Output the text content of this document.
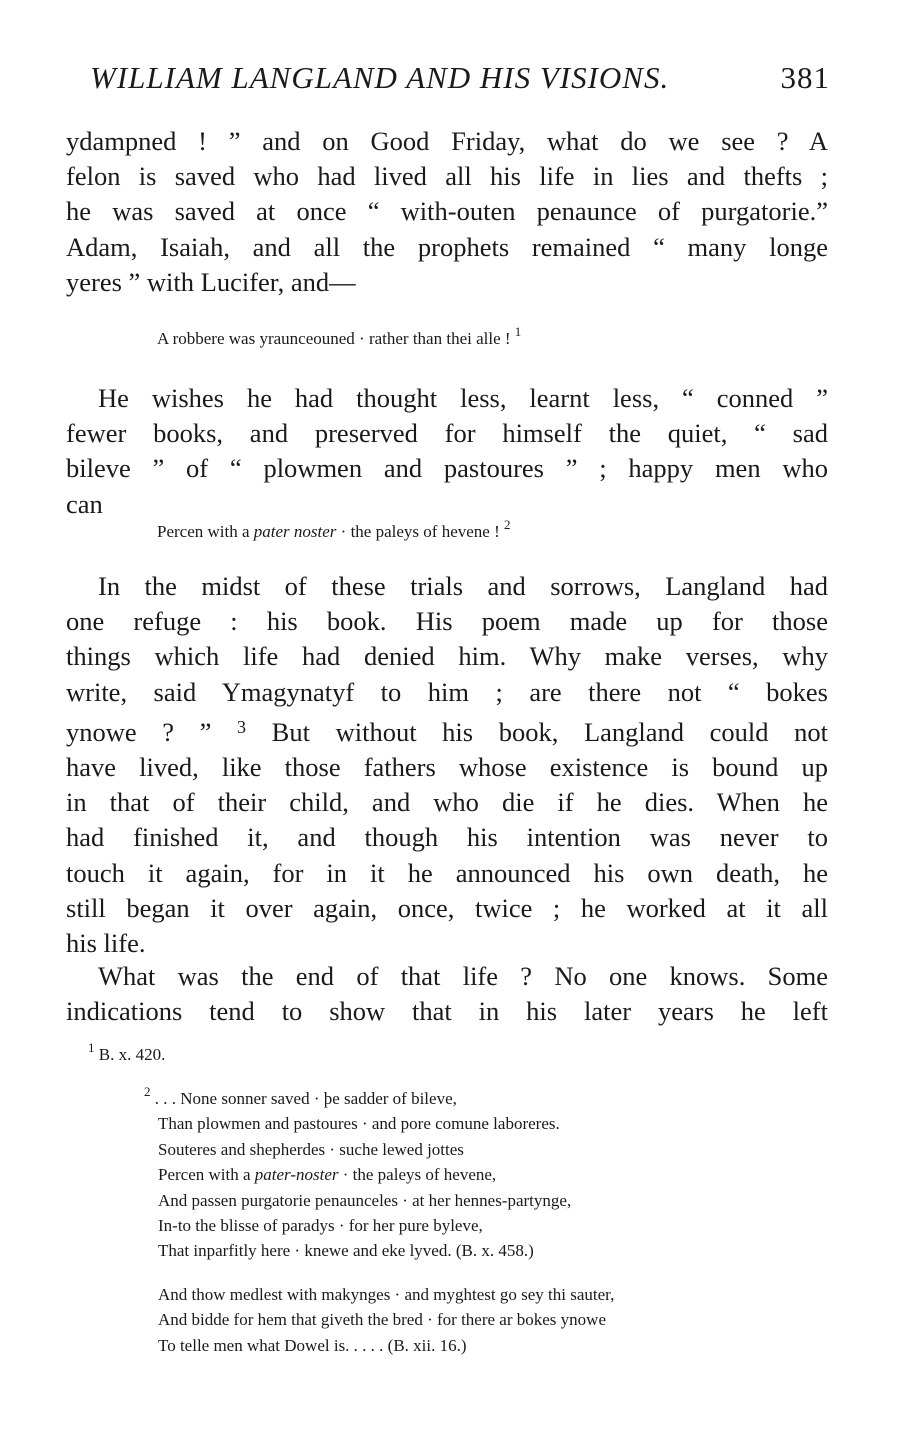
WILLIAM LANGLAND AND HIS VISIONS.	381
ydampned ! ” and on Good Friday, what do we see ? A
felon is saved who had lived all his life in lies and thefts ;
he was saved at once “ with-outen penaunce of purgatorie.”
Adam, Isaiah, and all the prophets remained “ many longe
yeres ” with Lucifer, and—
A robbere was yraunceouned · rather than thei alle ! $^1$
He wishes he had thought less, learnt less, “ conned ”
fewer books, and preserved for himself the quiet, “ sad
bileve ” of “ plowmen and pastoures ” ; happy men who
can
Percen with a pater noster · the paleys of hevene ! $^2$
In the midst of these trials and sorrows, Langland had
one refuge : his book. His poem made up for those
things which life had denied him. Why make verses, why
write, said Ymagynatyf to him ; are there not “ bokes
ynowe ? ” $^3$ But without his book, Langland could not
have lived, like those fathers whose existence is bound up
in that of their child, and who die if he dies. When he
had finished it, and though his intention was never to
touch it again, for in it he announced his own death, he
still began it over again, once, twice ; he worked at it all
his life.
What was the end of that life ? No one knows. Some
indications tend to show that in his later years he left
$^1$ B. x. 420.
$^2$ . . . None sonner saved · þe sadder of bileve,
Than plowmen and pastoures · and pore comune laboreres.
Souteres and shepherdes · suche lewed jottes
Percen with a pater-noster · the paleys of hevene,
And passen purgatorie penaunceles · at her hennes-partynge,
In-to the blisse of paradys · for her pure byleve,
That inparfitly here · knewe and eke lyved. (B. x. 458.)
And thow medlest with makynges · and myghtest go sey thi sauter,
And bidde for hem that giveth the bred · for there ar bokes ynowe
To telle men what Dowel is. . . . . (B. xii. 16.)
